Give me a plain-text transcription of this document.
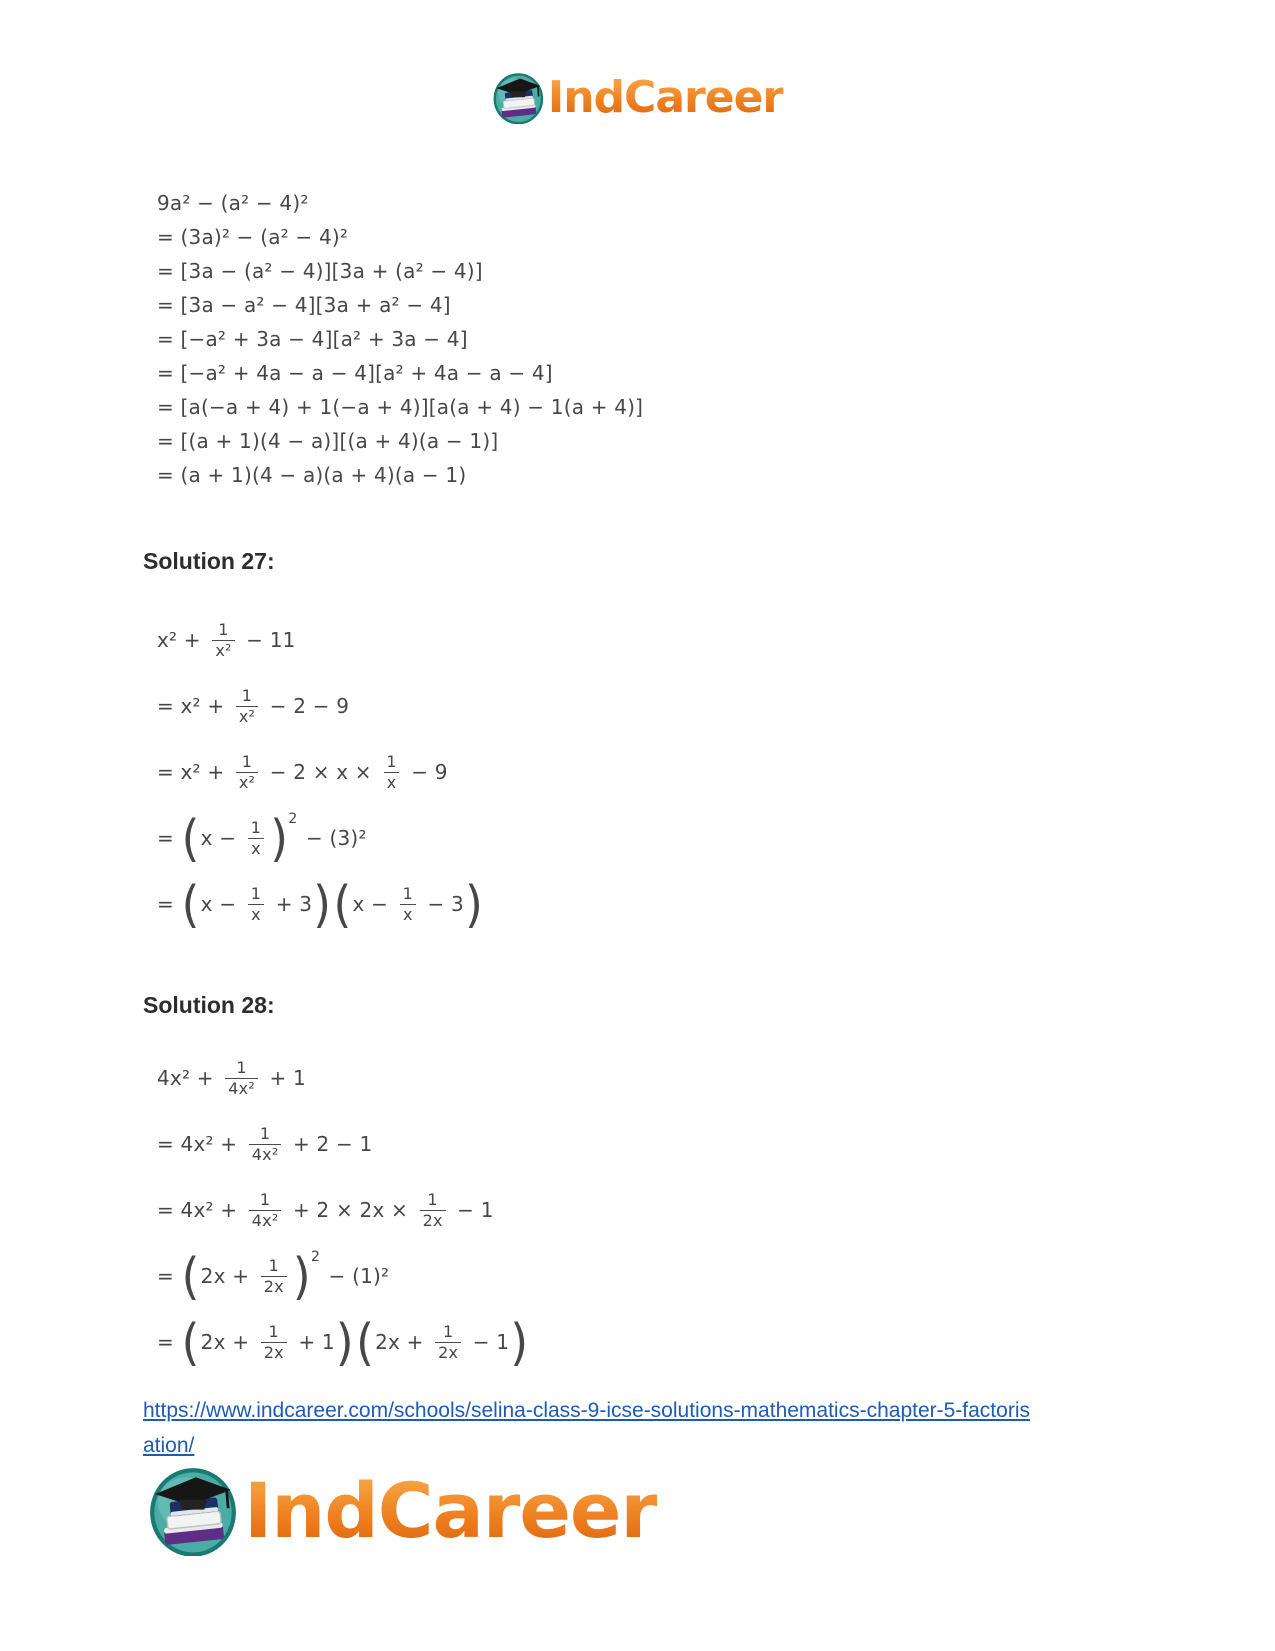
IndCareer
9a² − (a² − 4)²
= (3a)² − (a² − 4)²
= [3a − (a² − 4)][3a + (a² − 4)]
= [3a − a² − 4][3a + a² − 4]
= [−a² + 3a − 4][a² + 3a − 4]
= [−a² + 4a − a − 4][a² + 4a − a − 4]
= [a(−a + 4) + 1(−a + 4)][a(a + 4) − 1(a + 4)]
= [(a + 1)(4 − a)][(a + 4)(a − 1)]
= (a + 1)(4 − a)(a + 4)(a − 1)
Solution 27:
$x^2 + \frac{1}{\text{x²}} - 11$
= $x^2 + \frac{1}{\text{x²}} - 2 - 9$
= $x^2 + \frac{1}{\text{x²}} - 2 \times x \times \frac{1}{x} - 9$
= ( $x - \frac{1}{x}$ ) 2
− (3)²
= ( $x - \frac{1}{x} + 3$ ) ( $x - \frac{1}{x} - 3$ )
Solution 28:
$4x^2 + \frac{1}{\text{4x²}} + 1$
= $4x^2 + \frac{1}{\text{4x²}} + 2 - 1$
= $4x^2 + \frac{1}{\text{4x²}} + 2 \times 2x \times \frac{1}{2x} - 1$
= ( $2x + \frac{1}{2x}$ ) 2
− (1)²
= ( $2x + \frac{1}{2x} + 1$ ) ( $2x + \frac{1}{2x} - 1$ )
https://www.indcareer.com/schools/selina-class-9-icse-solutions-mathematics-chapter-5-factoris
ation/
IndCareer
